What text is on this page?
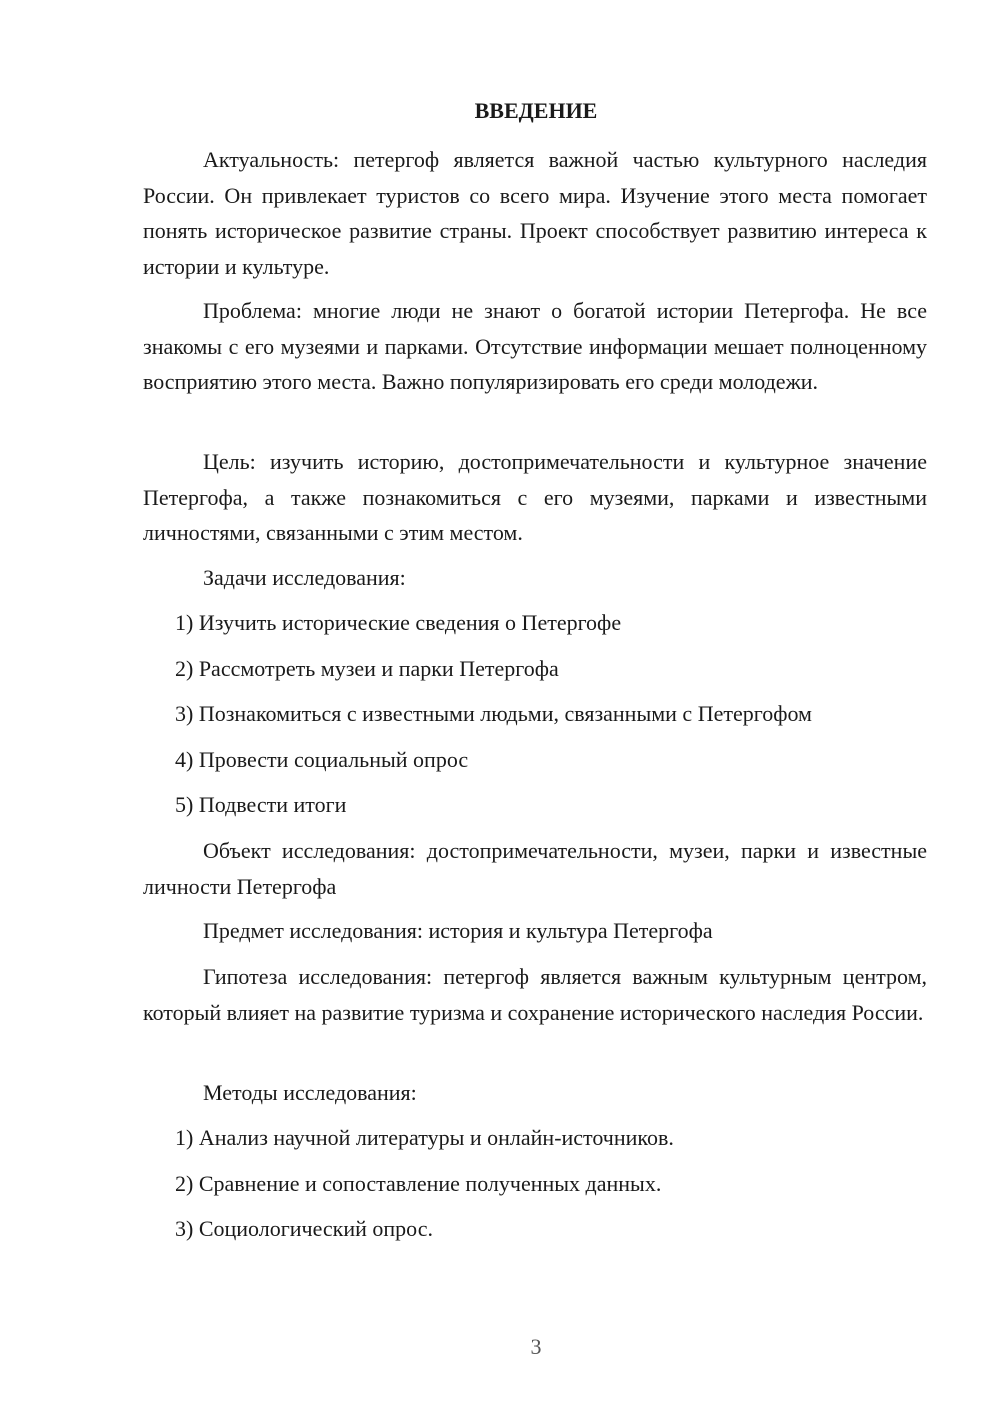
ВВЕДЕНИЕ

Актуальность: петергоф является важной частью культурного наследия России. Он привлекает туристов со всего мира. Изучение этого места помогает понять историческое развитие страны. Проект способствует развитию интереса к истории и культуре.

Проблема: многие люди не знают о богатой истории Петергофа. Не все знакомы с его музеями и парками. Отсутствие информации мешает полноценному восприятию этого места. Важно популяризировать его среди молодежи.

Цель: изучить историю, достопримечательности и культурное значение Петергофа, а также познакомиться с его музеями, парками и известными личностями, связанными с этим местом.

Задачи исследования:

1) Изучить исторические сведения о Петергофе
2) Рассмотреть музеи и парки Петергофа
3) Познакомиться с известными людьми, связанными с Петергофом
4) Провести социальный опрос
5) Подвести итоги

Объект исследования: достопримечательности, музеи, парки и известные личности Петергофа

Предмет исследования: история и культура Петергофа

Гипотеза исследования: петергоф является важным культурным центром, который влияет на развитие туризма и сохранение исторического наследия России.

Методы исследования:

1) Анализ научной литературы и онлайн-источников.
2) Сравнение и сопоставление полученных данных.
3) Социологический опрос.
3
